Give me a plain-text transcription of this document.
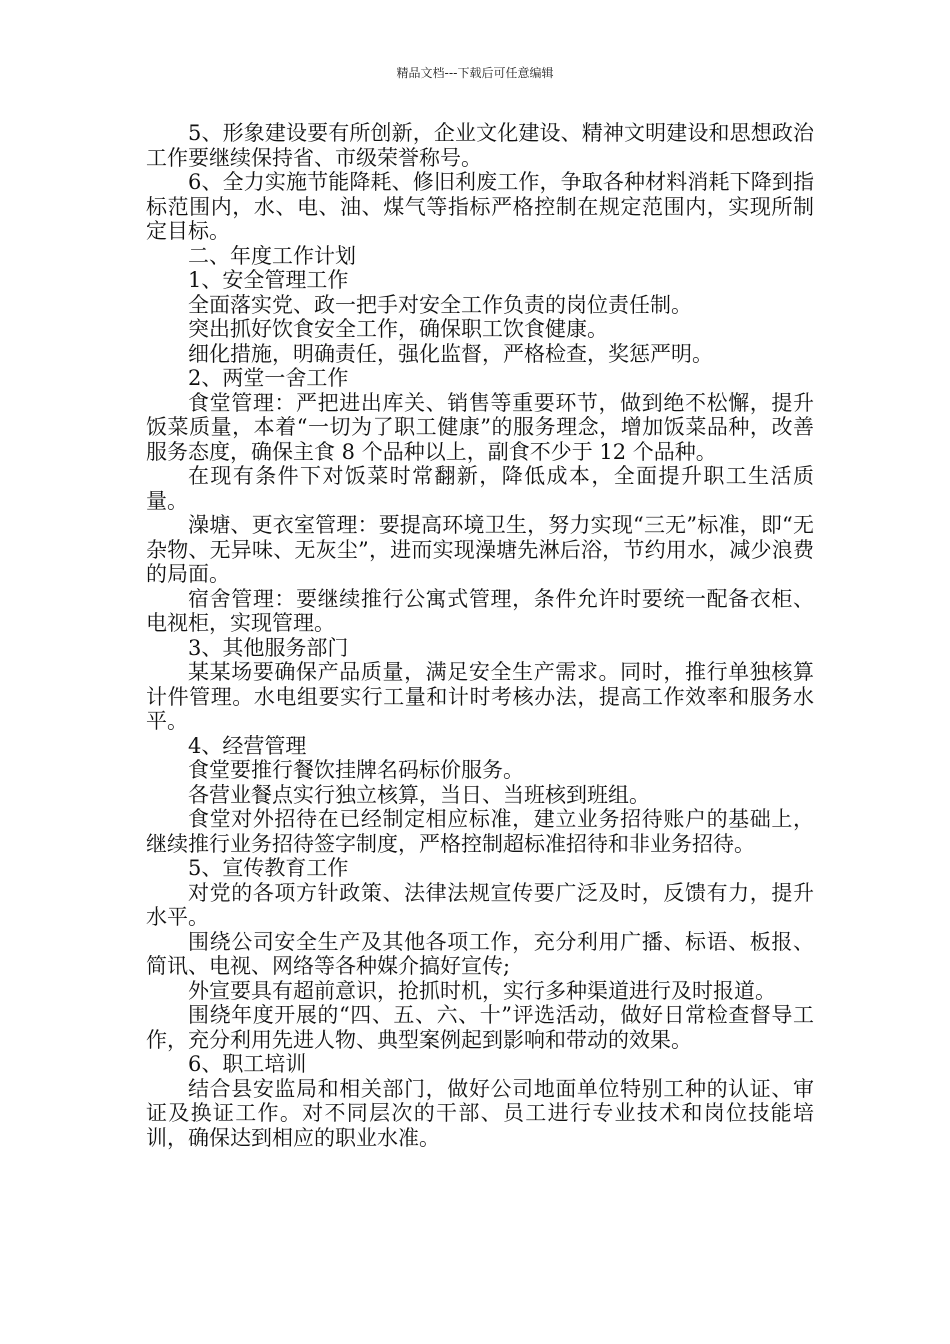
精品文档---下载后可任意编辑

5、形象建设要有所创新，企业文化建设、精神文明建设和思想政治工作要继续保持省、市级荣誉称号。

6、全力实施节能降耗、修旧利废工作，争取各种材料消耗下降到指标范围内，水、电、油、煤气等指标严格控制在规定范围内，实现所制定目标。

二、年度工作计划

1、安全管理工作

全面落实党、政一把手对安全工作负责的岗位责任制。

突出抓好饮食安全工作，确保职工饮食健康。

细化措施，明确责任，强化监督，严格检查，奖惩严明。

2、两堂一舍工作

食堂管理：严把进出库关、销售等重要环节，做到绝不松懈，提升饭菜质量，本着“一切为了职工健康”的服务理念，增加饭菜品种，改善服务态度，确保主食 8 个品种以上，副食不少于 12 个品种。

在现有条件下对饭菜时常翻新，降低成本，全面提升职工生活质量。

澡塘、更衣室管理：要提高环境卫生，努力实现“三无”标准，即“无杂物、无异味、无灰尘”，进而实现澡塘先淋后浴，节约用水，减少浪费的局面。

宿舍管理：要继续推行公寓式管理，条件允许时要统一配备衣柜、电视柜，实现管理。

3、其他服务部门

某某场要确保产品质量，满足安全生产需求。同时，推行单独核算计件管理。水电组要实行工量和计时考核办法，提高工作效率和服务水平。

4、经营管理

食堂要推行餐饮挂牌名码标价服务。

各营业餐点实行独立核算，当日、当班核到班组。

食堂对外招待在已经制定相应标准，建立业务招待账户的基础上，继续推行业务招待签字制度，严格控制超标准招待和非业务招待。

5、宣传教育工作

对党的各项方针政策、法律法规宣传要广泛及时，反馈有力，提升水平。

围绕公司安全生产及其他各项工作，充分利用广播、标语、板报、简讯、电视、网络等各种媒介搞好宣传;

外宣要具有超前意识，抢抓时机，实行多种渠道进行及时报道。

围绕年度开展的“四、五、六、十”评选活动，做好日常检查督导工作，充分利用先进人物、典型案例起到影响和带动的效果。

6、职工培训

结合县安监局和相关部门，做好公司地面单位特别工种的认证、审证及换证工作。对不同层次的干部、员工进行专业技术和岗位技能培训，确保达到相应的职业水准。
